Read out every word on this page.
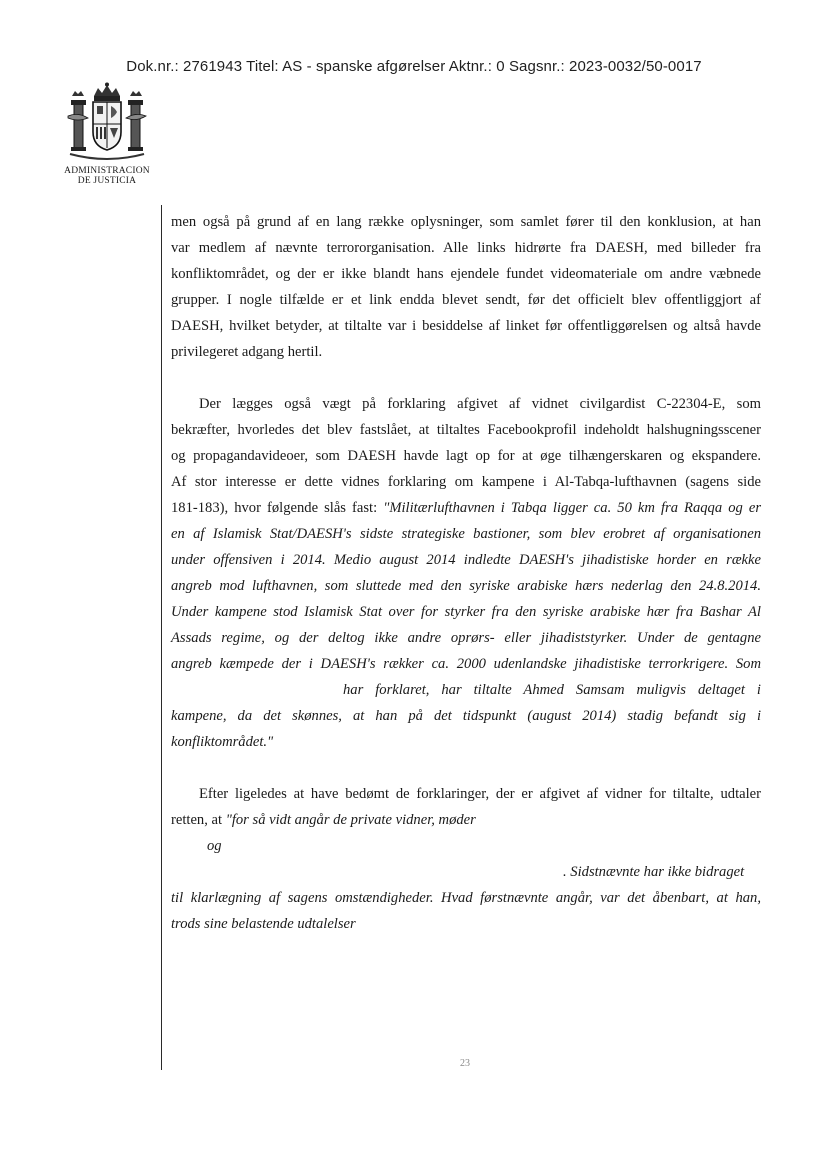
Dok.nr.: 2761943 Titel: AS - spanske afgørelser Aktnr.: 0 Sagsnr.: 2023-0032/50-0017
ADMINISTRACION
DE JUSTICIA
men også på grund af en lang række oplysninger, som samlet fører til den konklusion, at han
var medlem af nævnte terrororganisation. Alle links hidrørte fra DAESH, med billeder fra
konfliktområdet, og der er ikke blandt hans ejendele fundet videomateriale om andre væbnede
grupper. I nogle tilfælde er et link endda blevet sendt, før det officielt blev offentliggjort af
DAESH, hvilket betyder, at tiltalte var i besiddelse af linket før offentliggørelsen og altså havde
privilegeret adgang hertil.
Der lægges også vægt på forklaring afgivet af vidnet civilgardist C-22304-E, som
bekræfter, hvorledes det blev fastslået, at tiltaltes Facebookprofil indeholdt halshugningsscener
og propagandavideoer, som DAESH havde lagt op for at øge tilhængerskaren og ekspandere.
Af stor interesse er dette vidnes forklaring om kampene i Al-Tabqa-lufthavnen (sagens side
181-183), hvor følgende slås fast: "Militærlufthavnen i Tabqa ligger ca. 50 km fra Raqqa og er
en af Islamisk Stat/DAESH's sidste strategiske bastioner, som blev erobret af organisationen
under offensiven i 2014. Medio august 2014 indledte DAESH's jihadistiske horder en række
angreb mod lufthavnen, som sluttede med den syriske arabiske hærs nederlag den 24.8.2014.
Under kampene stod Islamisk Stat over for styrker fra den syriske arabiske hær fra Bashar Al
Assads regime, og der deltog ikke andre oprørs- eller jihadiststyrker. Under de gentagne
angreb kæmpede der i DAESH's rækker ca. 2000 udenlandske jihadistiske terrorkrigere. Som
har forklaret, har tiltalte Ahmed Samsam muligvis deltaget i
kampene, da det skønnes, at han på det tidspunkt (august 2014) stadig befandt sig i
konfliktområdet."
Efter ligeledes at have bedømt de forklaringer, der er afgivet af vidner for tiltalte, udtaler
retten, at "for så vidt angår de private vidner, møder
og
. Sidstnævnte har ikke bidraget
til klarlægning af sagens omstændigheder. Hvad førstnævnte angår, var det åbenbart, at han,
trods sine belastende udtalelser
23
